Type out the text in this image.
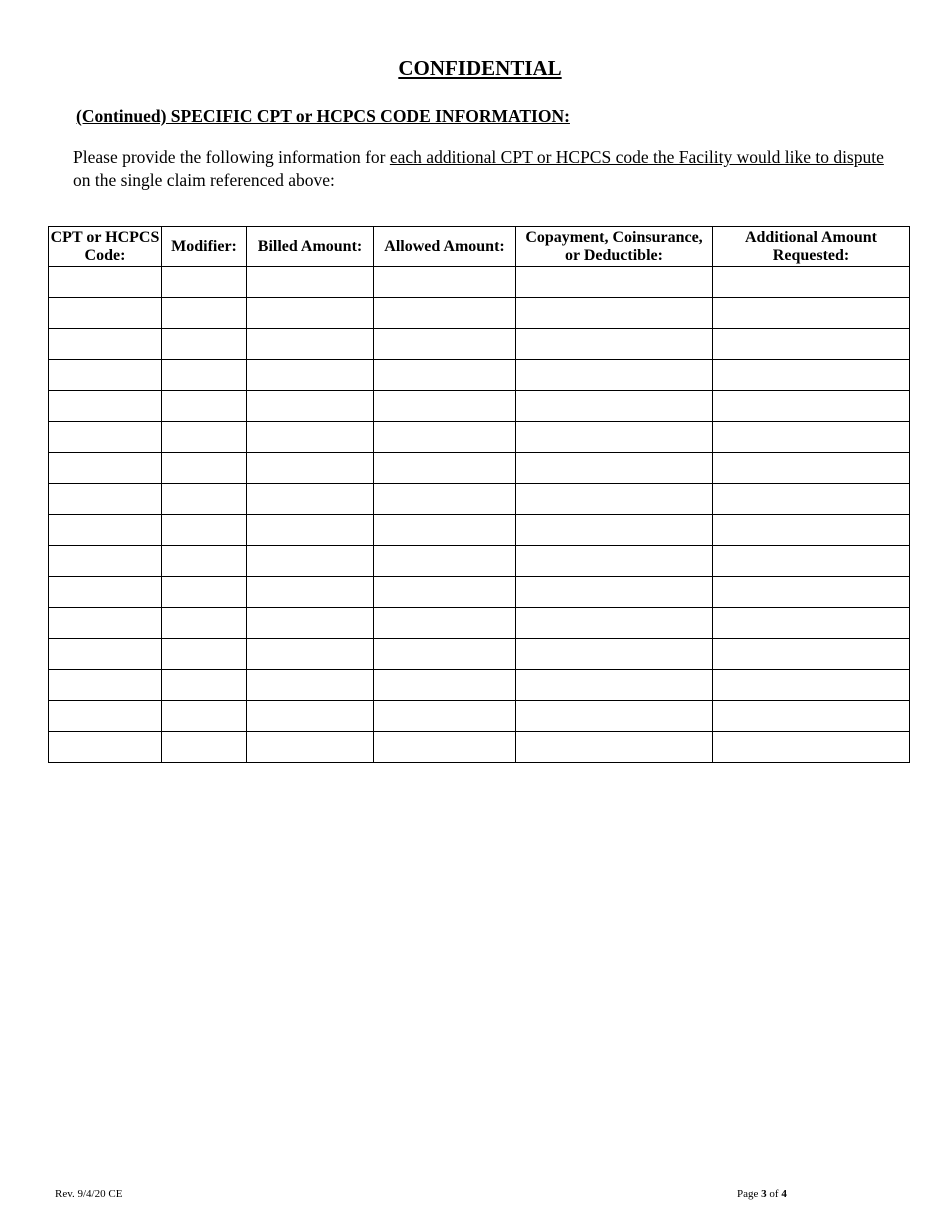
CONFIDENTIAL
(Continued) SPECIFIC CPT or HCPCS CODE INFORMATION:
Please provide the following information for each additional CPT or HCPCS code the Facility would like to dispute on the single claim referenced above:
CPT or HCPCS Code:	Modifier:	Billed Amount:	Allowed Amount:	Copayment, Coinsurance, or Deductible:	Additional Amount Requested:

Rev. 9/4/20 CE	Page 3 of 4
